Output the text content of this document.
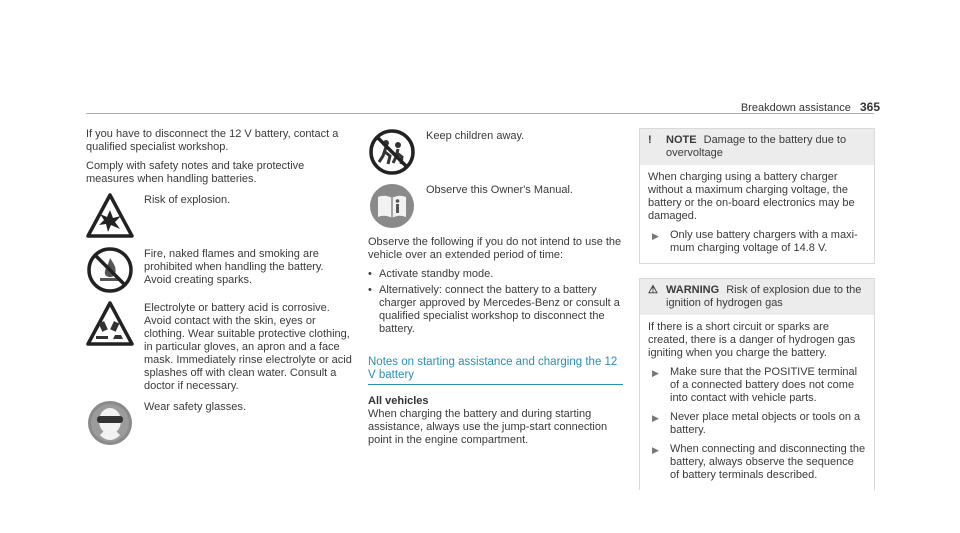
Breakdown assistance 365

If you have to disconnect the 12 V battery, contact a qualified specialist workshop.

Comply with safety notes and take protective measures when handling batteries.

Risk of explosion.
Fire, naked flames and smoking are prohibited when handling the battery. Avoid creating sparks.
Electrolyte or battery acid is corrosive. Avoid contact with the skin, eyes or clothing. Wear suitable protective clothing, in particular gloves, an apron and a face mask. Immediately rinse electrolyte or acid splashes off with clean water. Consult a doctor if necessary.
Wear safety glasses.
Keep children away.
Observe this Owner's Manual.

Observe the following if you do not intend to use the vehicle over an extended period of time:

• Activate standby mode.
• Alternatively: connect the battery to a battery charger approved by Mercedes-Benz or consult a qualified specialist workshop to disconnect the battery.
Notes on starting assistance and charging the 12 V battery
All vehicles

When charging the battery and during starting assistance, always use the jump-start connection point in the engine compartment.

!	NOTE Damage to the battery due to overvoltage
When charging using a battery charger without a maximum charging voltage, the battery or the on-board electronics may be damaged.
▶	Only use battery chargers with a maximum charging voltage of 14.8 V.
⚠ WARNING Risk of explosion due to the ignition of hydrogen gas
If there is a short circuit or sparks are created, there is a danger of hydrogen gas igniting when you charge the battery.
▶	Make sure that the POSITIVE terminal of a connected battery does not come into contact with vehicle parts.
▶	Never place metal objects or tools on a battery.
▶	When connecting and disconnecting the battery, always observe the sequence of battery terminals described.
